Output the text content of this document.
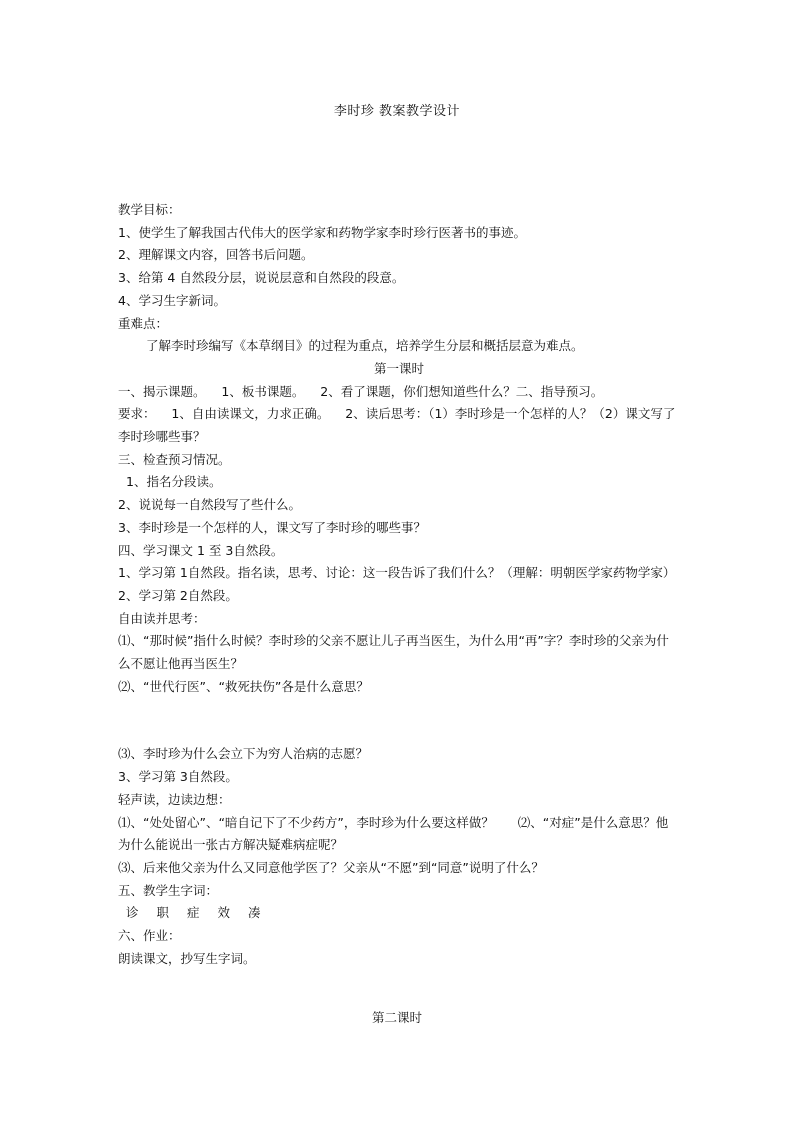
李时珍 教案教学设计

教学目标：

1、使学生了解我国古代伟大的医学家和药物学家李时珍行医著书的事迹。

2、理解课文内容，回答书后问题。

3、给第 4 自然段分层，说说层意和自然段的段意。

4、学习生字新词。

重难点：

了解李时珍编写《本草纲目》的过程为重点，培养学生分层和概括层意为难点。

第一课时

一、揭示课题。    1、板书课题。    2、看了课题，你们想知道些什么？二、指导预习。

要求：    1、自由读课文，力求正确。    2、读后思考：（1）李时珍是一个怎样的人？（2）课文写了李时珍哪些事？

三、检查预习情况。

1、指名分段读。

2、说说每一自然段写了些什么。

3、李时珍是一个怎样的人，课文写了李时珍的哪些事？

四、学习课文 1 至 3自然段。

1、学习第 1自然段。指名读，思考、讨论：这一段告诉了我们什么？（理解：明朝医学家药物学家）

2、学习第 2自然段。

自由读并思考：

⑴、“那时候”指什么时候？李时珍的父亲不愿让儿子再当医生，为什么用“再”字？李时珍的父亲为什么不愿让他再当医生？

⑵、“世代行医”、“救死扶伤”各是什么意思？

⑶、李时珍为什么会立下为穷人治病的志愿？

3、学习第 3自然段。

轻声读，边读边想：

⑴、“处处留心”、“暗自记下了不少药方”，李时珍为什么要这样做？      ⑵、“对症”是什么意思？他为什么能说出一张古方解决疑难病症呢？

⑶、后来他父亲为什么又同意他学医了？父亲从“不愿”到“同意”说明了什么？

五、教学生字词：

诊 职 症 效 凑

六、作业：

朗读课文，抄写生字词。

第二课时
